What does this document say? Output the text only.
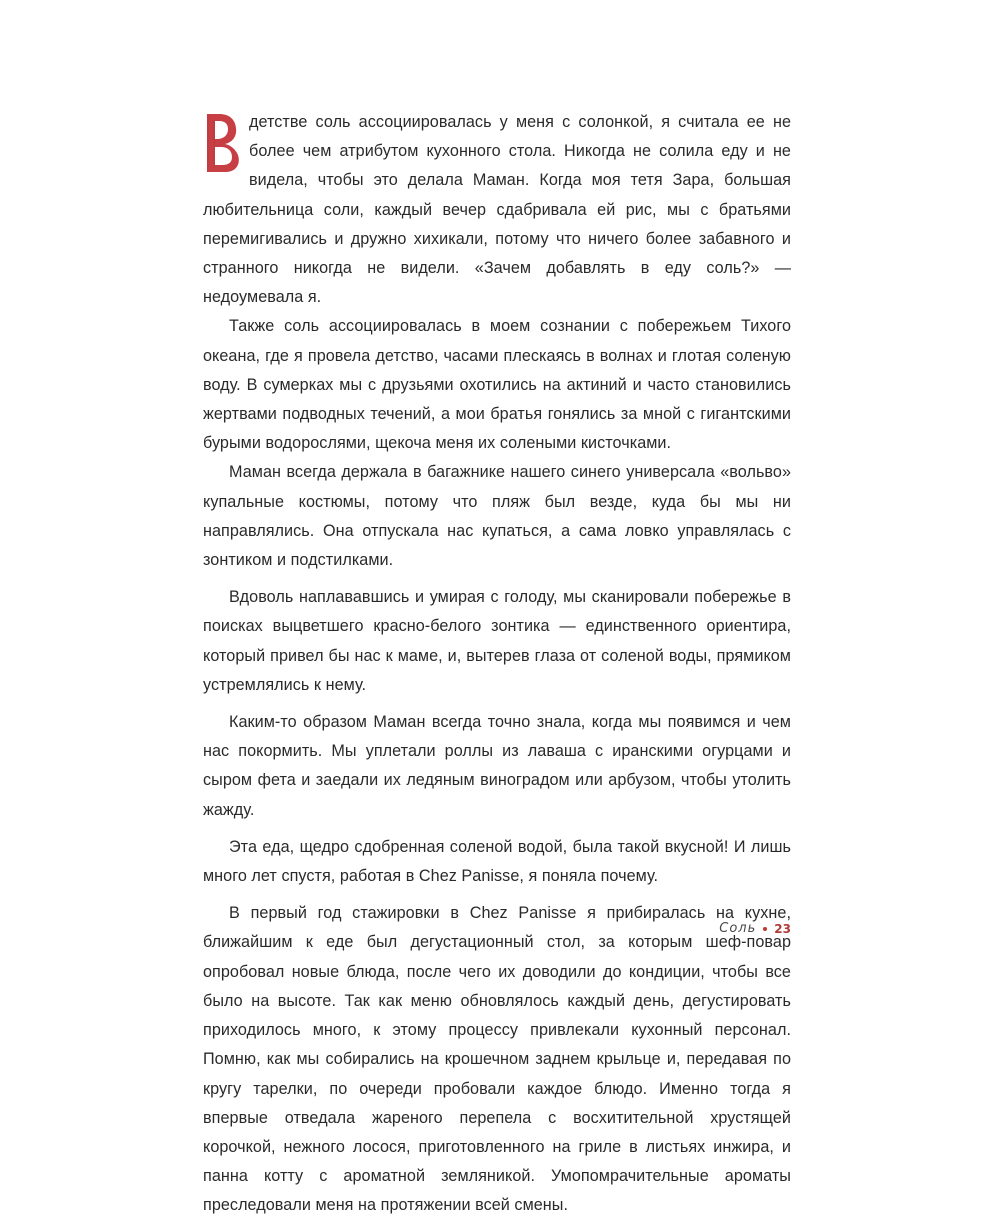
детстве соль ассоциировалась у меня с солонкой, я считала ее не более чем атрибутом кухонного стола. Никогда не солила еду и не видела, чтобы это делала Маман. Когда моя тетя Зара, большая любительница соли, каждый вечер сдабривала ей рис, мы с братьями перемигивались и дружно хихикали, потому что ничего более забавного и странного никогда не видели. «Зачем добавлять в еду соль?» — недоумевала я.

Также соль ассоциировалась в моем сознании с побережьем Тихого океана, где я провела детство, часами плескаясь в волнах и глотая соленую воду. В сумерках мы с друзьями охотились на актиний и часто становились жертвами подводных течений, а мои братья гонялись за мной с гигантскими бурыми водорослями, щекоча меня их солеными кисточками.

Маман всегда держала в багажнике нашего синего универсала «вольво» купальные костюмы, потому что пляж был везде, куда бы мы ни направлялись. Она отпускала нас купаться, а сама ловко управлялась с зонтиком и подстилками.

Вдоволь наплававшись и умирая с голоду, мы сканировали побережье в поисках выцветшего красно-белого зонтика — единственного ориентира, который привел бы нас к маме, и, вытерев глаза от соленой воды, прямиком устремлялись к нему.

Каким-то образом Маман всегда точно знала, когда мы появимся и чем нас покормить. Мы уплетали роллы из лаваша с иранскими огурцами и сыром фета и заедали их ледяным виноградом или арбузом, чтобы утолить жажду.

Эта еда, щедро сдобренная соленой водой, была такой вкусной! И лишь много лет спустя, работая в Chez Panisse, я поняла почему.

В первый год стажировки в Chez Panisse я прибиралась на кухне, ближайшим к еде был дегустационный стол, за которым шеф-повар опробовал новые блюда, после чего их доводили до кондиции, чтобы все было на высоте. Так как меню обновлялось каждый день, дегустировать приходилось много, к этому процессу привлекали кухонный персонал. Помню, как мы собирались на крошечном заднем крыльце и, передавая по кругу тарелки, по очереди пробовали каждое блюдо. Именно тогда я впервые отведала жареного перепела с восхитительной хрустящей корочкой, нежного лосося, приготовленного на гриле в листьях инжира, и панна котту с ароматной земляникой. Умопомрачительные ароматы преследовали меня на протяжении всей смены.

Соль 23
